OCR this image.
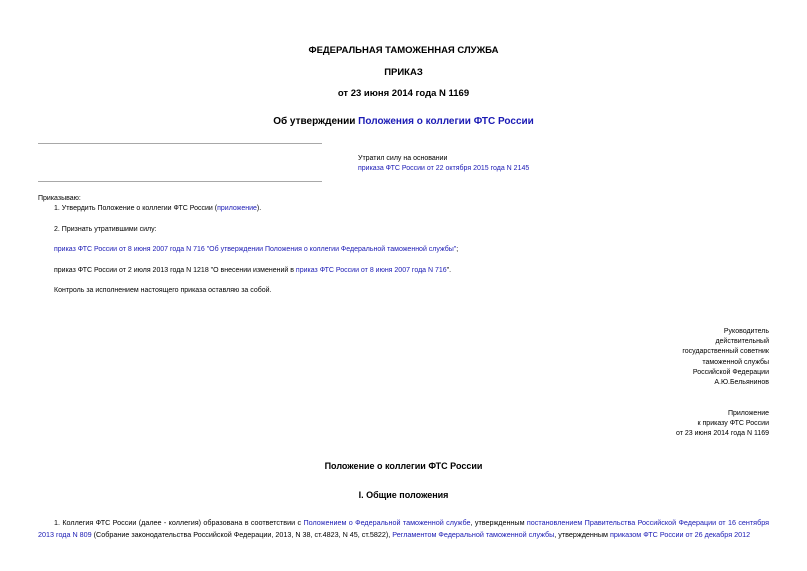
ФЕДЕРАЛЬНАЯ ТАМОЖЕННАЯ СЛУЖБА

ПРИКАЗ

от 23 июня 2014 года N 1169

Об утверждении Положения о коллегии ФТС России

Утратил силу на основании

приказа ФТС России от 22 октября 2015 года N 2145

Приказываю:

1. Утвердить Положение о коллегии ФТС России (приложение).

2. Признать утратившими силу:

приказ ФТС России от 8 июня 2007 года N 716 "Об утверждении Положения о коллегии Федеральной таможенной службы";

приказ ФТС России от 2 июля 2013 года N 1218 "О внесении изменений в приказ ФТС России от 8 июня 2007 года N 716".

Контроль за исполнением настоящего приказа оставляю за собой.

Руководитель
действительный
государственный советник
таможенной службы
Российской Федерации
А.Ю.Бельянинов
Приложение
к приказу ФТС России
от 23 июня 2014 года N 1169

Положение о коллегии ФТС России

I. Общие положения

1. Коллегия ФТС России (далее - коллегия) образована в соответствии с Положением о Федеральной таможенной службе, утвержденным постановлением Правительства Российской Федерации от 16 сентября 2013 года N 809 (Собрание законодательства Российской Федерации, 2013, N 38, ст.4823, N 45, ст.5822), Регламентом Федеральной таможенной службы, утвержденным приказом ФТС России от 26 декабря 2012
